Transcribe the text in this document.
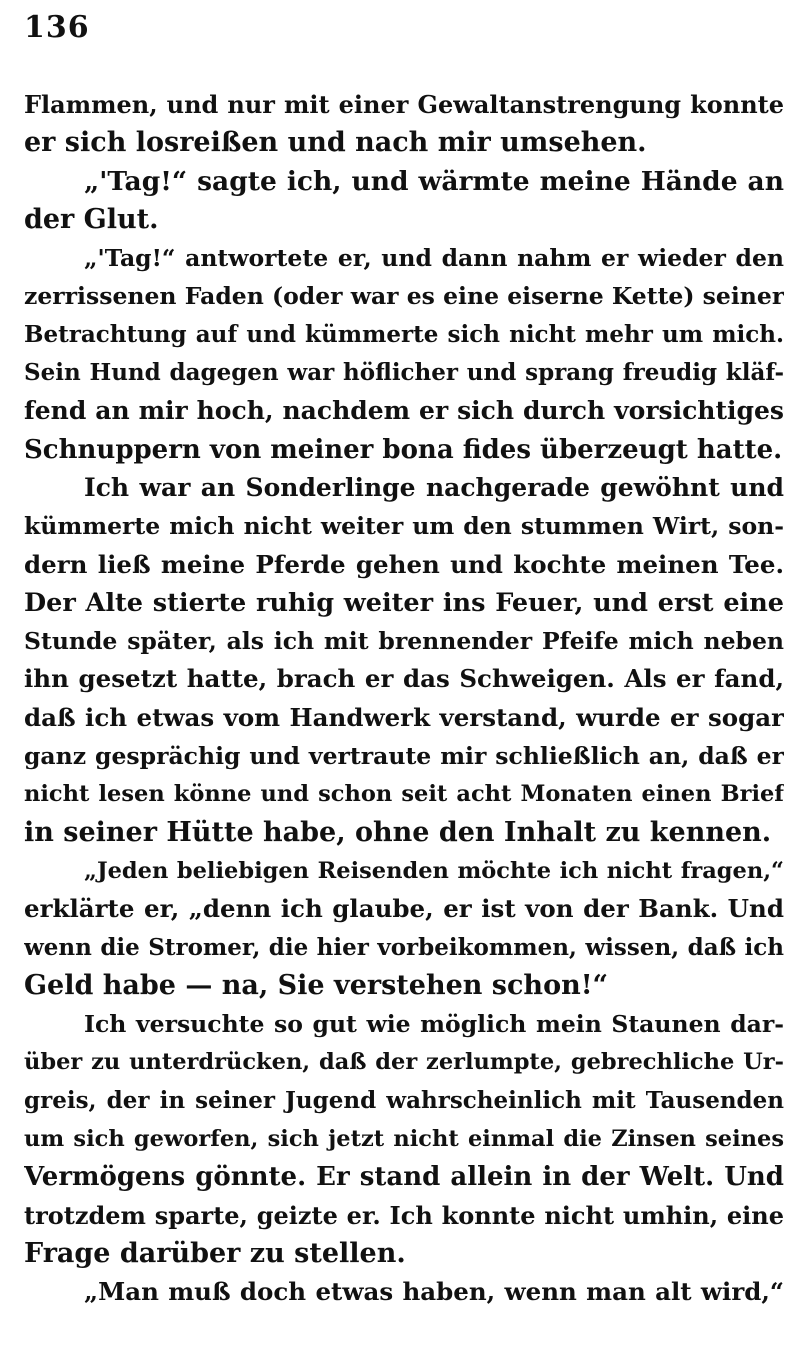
136
Flammen, und nur mit einer Gewaltanstrengung konnte
er sich losreißen und nach mir umsehen.
„'Tag!“ sagte ich, und wärmte meine Hände an
der Glut.
„'Tag!“ antwortete er, und dann nahm er wieder den
zerrissenen Faden (oder war es eine eiserne Kette) seiner
Betrachtung auf und kümmerte sich nicht mehr um mich.
Sein Hund dagegen war höflicher und sprang freudig kläf-
fend an mir hoch, nachdem er sich durch vorsichtiges
Schnuppern von meiner bona fides überzeugt hatte.
Ich war an Sonderlinge nachgerade gewöhnt und
kümmerte mich nicht weiter um den stummen Wirt, son-
dern ließ meine Pferde gehen und kochte meinen Tee.
Der Alte stierte ruhig weiter ins Feuer, und erst eine
Stunde später, als ich mit brennender Pfeife mich neben
ihn gesetzt hatte, brach er das Schweigen. Als er fand,
daß ich etwas vom Handwerk verstand, wurde er sogar
ganz gesprächig und vertraute mir schließlich an, daß er
nicht lesen könne und schon seit acht Monaten einen Brief
in seiner Hütte habe, ohne den Inhalt zu kennen.
„Jeden beliebigen Reisenden möchte ich nicht fragen,“
erklärte er, „denn ich glaube, er ist von der Bank. Und
wenn die Stromer, die hier vorbeikommen, wissen, daß ich
Geld habe — na, Sie verstehen schon!“
Ich versuchte so gut wie möglich mein Staunen dar-
über zu unterdrücken, daß der zerlumpte, gebrechliche Ur-
greis, der in seiner Jugend wahrscheinlich mit Tausenden
um sich geworfen, sich jetzt nicht einmal die Zinsen seines
Vermögens gönnte. Er stand allein in der Welt. Und
trotzdem sparte, geizte er. Ich konnte nicht umhin, eine
Frage darüber zu stellen.
„Man muß doch etwas haben, wenn man alt wird,“
